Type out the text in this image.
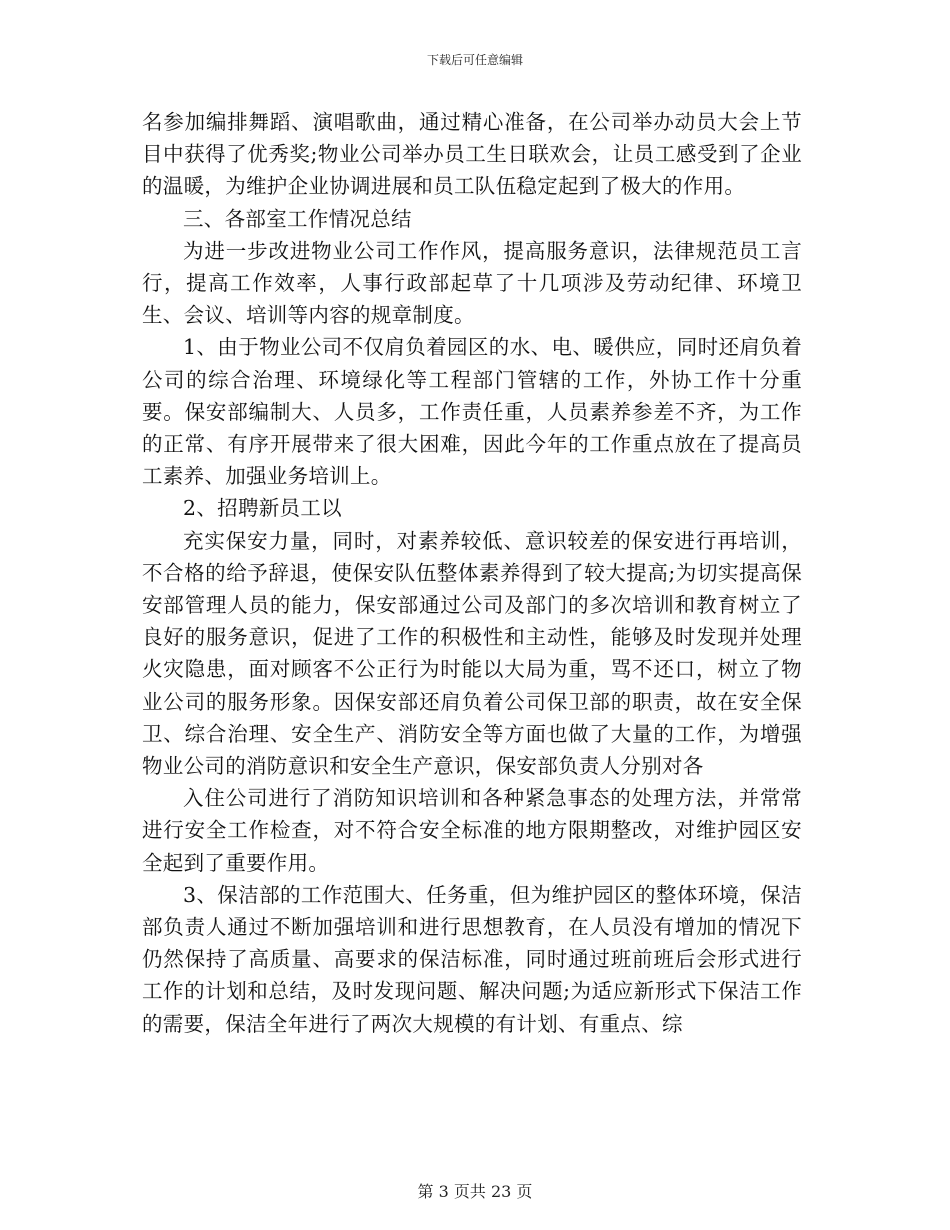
下载后可任意编辑

名参加编排舞蹈、演唱歌曲，通过精心准备，在公司举办动员大会上节目中获得了优秀奖;物业公司举办员工生日联欢会，让员工感受到了企业的温暖，为维护企业协调进展和员工队伍稳定起到了极大的作用。

三、各部室工作情况总结

为进一步改进物业公司工作作风，提高服务意识，法律规范员工言行，提高工作效率，人事行政部起草了十几项涉及劳动纪律、环境卫生、会议、培训等内容的规章制度。

1、由于物业公司不仅肩负着园区的水、电、暖供应，同时还肩负着公司的综合治理、环境绿化等工程部门管辖的工作，外协工作十分重要。保安部编制大、人员多，工作责任重，人员素养参差不齐，为工作的正常、有序开展带来了很大困难，因此今年的工作重点放在了提高员工素养、加强业务培训上。

2、招聘新员工以

充实保安力量，同时，对素养较低、意识较差的保安进行再培训，不合格的给予辞退，使保安队伍整体素养得到了较大提高;为切实提高保安部管理人员的能力，保安部通过公司及部门的多次培训和教育树立了良好的服务意识，促进了工作的积极性和主动性，能够及时发现并处理火灾隐患，面对顾客不公正行为时能以大局为重，骂不还口，树立了物业公司的服务形象。因保安部还肩负着公司保卫部的职责，故在安全保卫、综合治理、安全生产、消防安全等方面也做了大量的工作，为增强物业公司的消防意识和安全生产意识，保安部负责人分别对各

入住公司进行了消防知识培训和各种紧急事态的处理方法，并常常进行安全工作检查，对不符合安全标准的地方限期整改，对维护园区安全起到了重要作用。

3、保洁部的工作范围大、任务重，但为维护园区的整体环境，保洁部负责人通过不断加强培训和进行思想教育，在人员没有增加的情况下仍然保持了高质量、高要求的保洁标准，同时通过班前班后会形式进行工作的计划和总结，及时发现问题、解决问题;为适应新形式下保洁工作的需要，保洁全年进行了两次大规模的有计划、有重点、综

第 3 页共 23 页
